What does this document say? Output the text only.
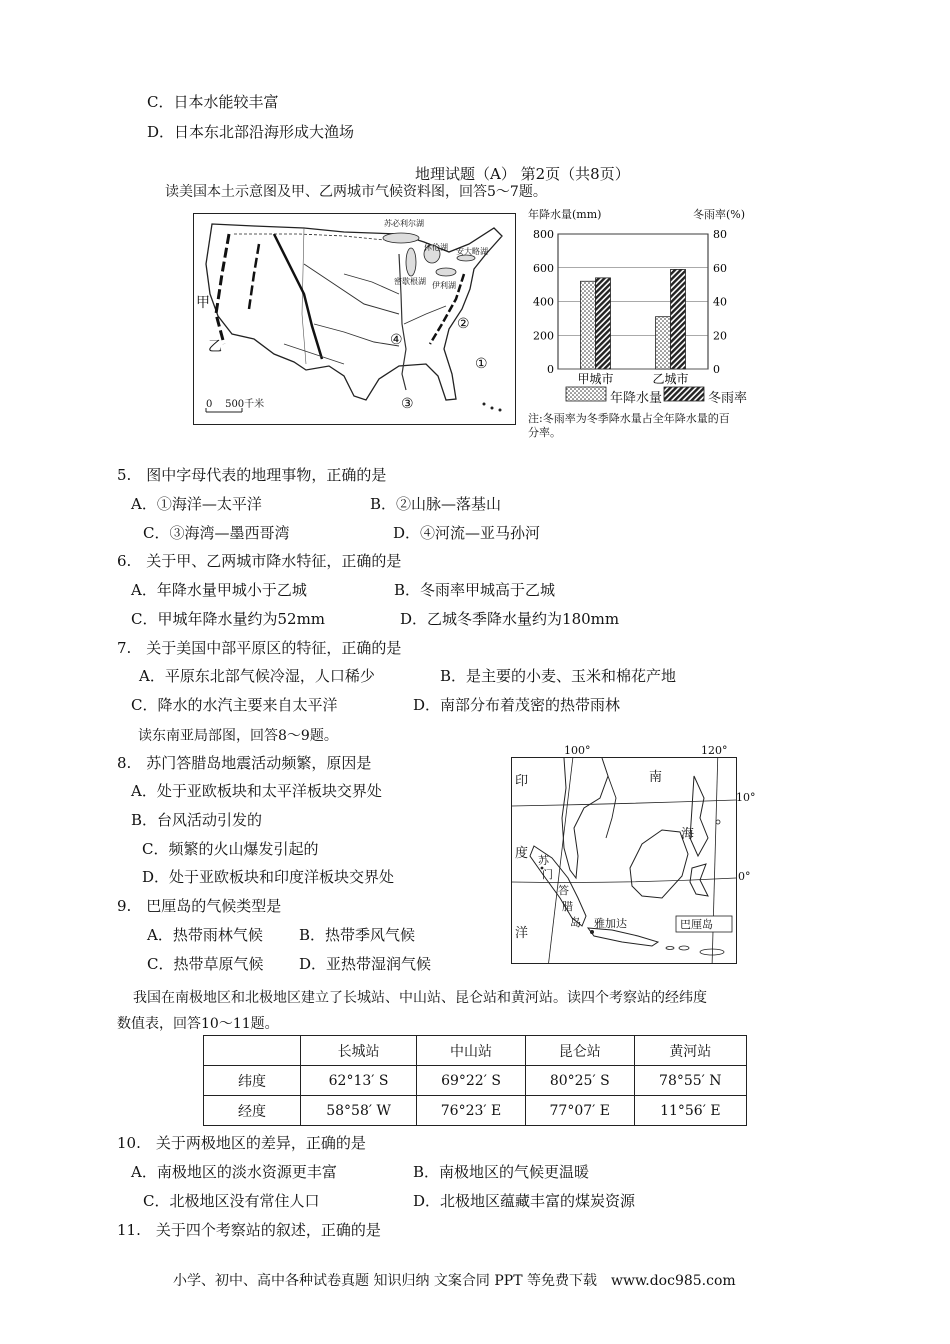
C．日本水能较丰富
D．日本东北部沿海形成大渔场
地理试题（A） 第2页（共8页）
读美国本土示意图及甲、乙两城市气候资料图，回答5～7题。
甲
乙
①
②
③
④
苏必利尔湖
密歇根湖
休伦湖
伊利湖
安大略湖
0    500千米
年降水量(mm)	冬雨率(%)
800
600
400
200
0
80
60
40
20
0
甲城市	乙城市
年降水量	冬雨率
注:冬雨率为冬季降水量占全年降水量的百分率。
5.　图中字母代表的地理事物，正确的是
A．①海洋—太平洋	B．②山脉—落基山
C．③海湾—墨西哥湾	D．④河流—亚马孙河
6.　关于甲、乙两城市降水特征，正确的是
A．年降水量甲城小于乙城	B．冬雨率甲城高于乙城
C．甲城年降水量约为52mm	D．乙城冬季降水量约为180mm
7.　关于美国中部平原区的特征，正确的是
A．平原东北部气候冷湿，人口稀少	B．是主要的小麦、玉米和棉花产地
C．降水的水汽主要来自太平洋	D．南部分布着茂密的热带雨林
读东南亚局部图，回答8～9题。
8.　苏门答腊岛地震活动频繁，原因是
A．处于亚欧板块和太平洋板块交界处
B．台风活动引发的
C．频繁的火山爆发引起的
D．处于亚欧板块和印度洋板块交界处
9.　巴厘岛的气候类型是
A．热带雨林气候 B．热带季风气候
C．热带草原气候 D．亚热带湿润气候
100°	120°
10°
0°
南
海
印
度
洋
苏
门
答
腊
岛 雅加达	巴厘岛
我国在南极地区和北极地区建立了长城站、中山站、昆仑站和黄河站。读四个考察站的经纬度
数值表，回答10～11题。
	长城站	中山站	昆仑站	黄河站
纬度	62°13′ S	69°22′ S	80°25′ S	78°55′ N
经度	58°58′ W	76°23′ E	77°07′ E	11°56′ E
10.　关于两极地区的差异，正确的是
A．南极地区的淡水资源更丰富	B．南极地区的气候更温暖
C．北极地区没有常住人口	D．北极地区蕴藏丰富的煤炭资源
11.　关于四个考察站的叙述，正确的是
小学、初中、高中各种试卷真题 知识归纳 文案合同 PPT 等免费下载　www.doc985.com
